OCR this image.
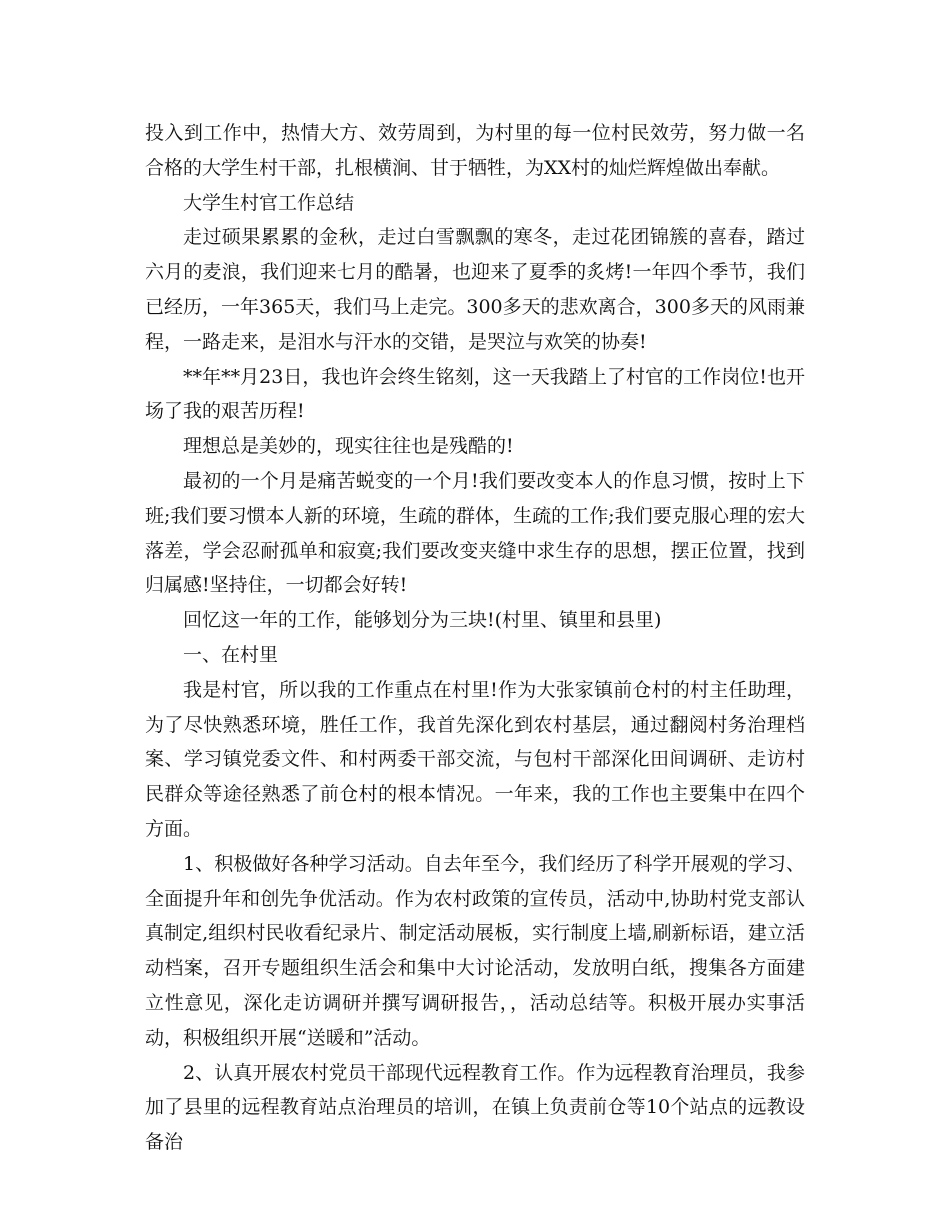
投入到工作中，热情大方、效劳周到，为村里的每一位村民效劳，努力做一名合格的大学生村干部，扎根横涧、甘于牺牲，为XX村的灿烂辉煌做出奉献。

大学生村官工作总结

走过硕果累累的金秋，走过白雪飘飘的寒冬，走过花团锦簇的喜春，踏过六月的麦浪，我们迎来七月的酷暑，也迎来了夏季的炙烤!一年四个季节，我们已经历，一年365天，我们马上走完。300多天的悲欢离合，300多天的风雨兼程，一路走来，是泪水与汗水的交错，是哭泣与欢笑的协奏!

**年**月23日，我也许会终生铭刻，这一天我踏上了村官的工作岗位!也开场了我的艰苦历程!

理想总是美妙的，现实往往也是残酷的!

最初的一个月是痛苦蜕变的一个月!我们要改变本人的作息习惯，按时上下班;我们要习惯本人新的环境，生疏的群体，生疏的工作;我们要克服心理的宏大落差，学会忍耐孤单和寂寞;我们要改变夹缝中求生存的思想，摆正位置，找到归属感!坚持住，一切都会好转!

回忆这一年的工作，能够划分为三块!(村里、镇里和县里)

一、在村里

我是村官，所以我的工作重点在村里!作为大张家镇前仓村的村主任助理，为了尽快熟悉环境，胜任工作，我首先深化到农村基层，通过翻阅村务治理档案、学习镇党委文件、和村两委干部交流，与包村干部深化田间调研、走访村民群众等途径熟悉了前仓村的根本情况。一年来，我的工作也主要集中在四个方面。

1、积极做好各种学习活动。自去年至今，我们经历了科学开展观的学习、全面提升年和创先争优活动。作为农村政策的宣传员，活动中,协助村党支部认真制定,组织村民收看纪录片、制定活动展板，实行制度上墙,刷新标语，建立活动档案，召开专题组织生活会和集中大讨论活动，发放明白纸，搜集各方面建立性意见，深化走访调研并撰写调研报告，，活动总结等。积极开展办实事活动，积极组织开展“送暖和”活动。

2、认真开展农村党员干部现代远程教育工作。作为远程教育治理员，我参加了县里的远程教育站点治理员的培训，在镇上负责前仓等10个站点的远教设备治
